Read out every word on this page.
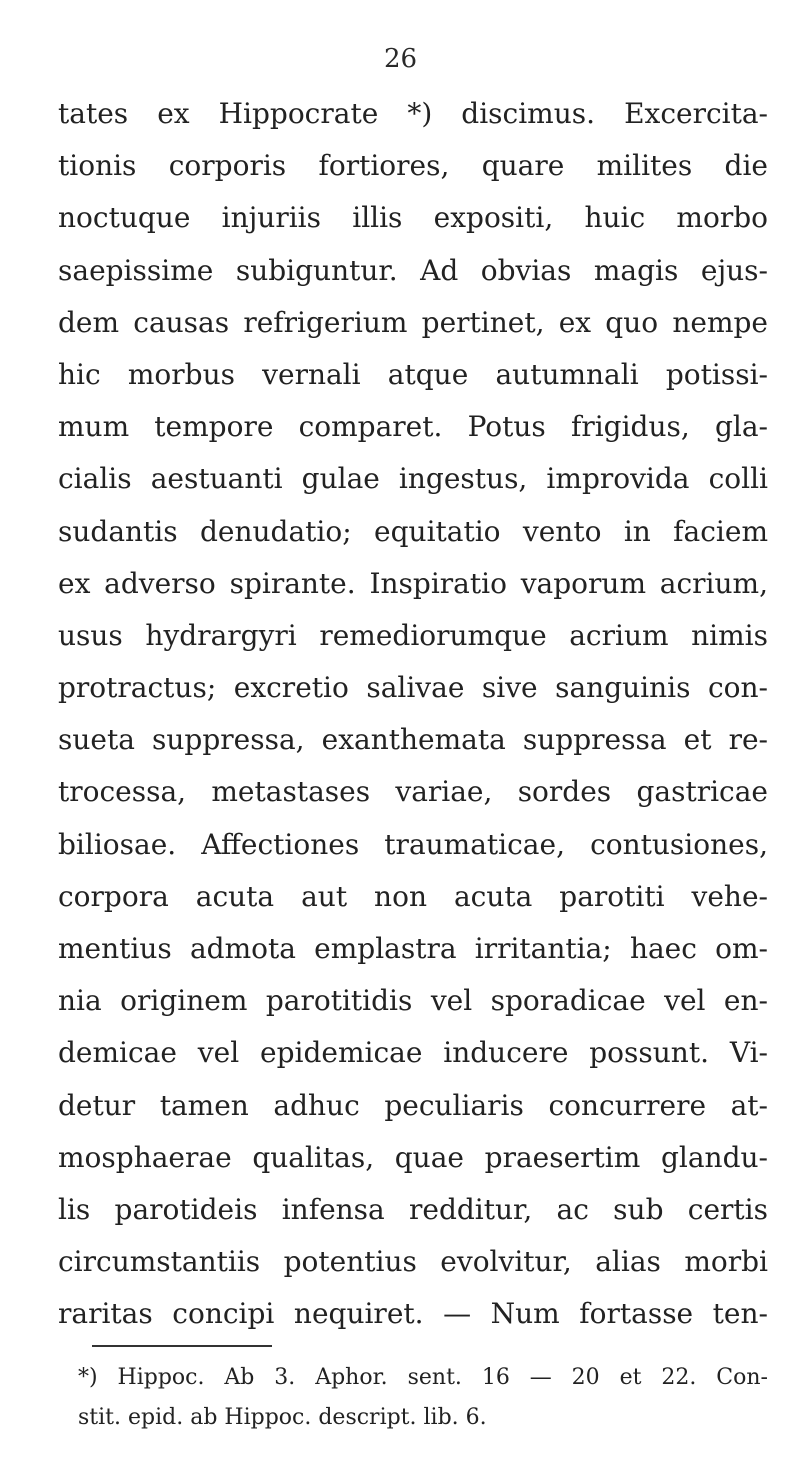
26
tates ex Hippocrate *) discimus. Excercita-
tionis corporis fortiores, quare milites die
noctuque injuriis illis expositi, huic morbo
saepissime subiguntur. Ad obvias magis ejus-
dem causas refrigerium pertinet, ex quo nempe
hic morbus vernali atque autumnali potissi-
mum tempore comparet. Potus frigidus, gla-
cialis aestuanti gulae ingestus, improvida colli
sudantis denudatio; equitatio vento in faciem
ex adverso spirante. Inspiratio vaporum acrium,
usus hydrargyri remediorumque acrium nimis
protractus; excretio salivae sive sanguinis con-
sueta suppressa, exanthemata suppressa et re-
trocessa, metastases variae, sordes gastricae
biliosae. Affectiones traumaticae, contusiones,
corpora acuta aut non acuta parotiti vehe-
mentius admota emplastra irritantia; haec om-
nia originem parotitidis vel sporadicae vel en-
demicae vel epidemicae inducere possunt. Vi-
detur tamen adhuc peculiaris concurrere at-
mosphaerae qualitas, quae praesertim glandu-
lis parotideis infensa redditur, ac sub certis
circumstantiis potentius evolvitur, alias morbi
raritas concipi nequiret. — Num fortasse ten-
*) Hippoc. Ab 3. Aphor. sent. 16 — 20 et 22. Con-
stit. epid. ab Hippoc. descript. lib. 6.
